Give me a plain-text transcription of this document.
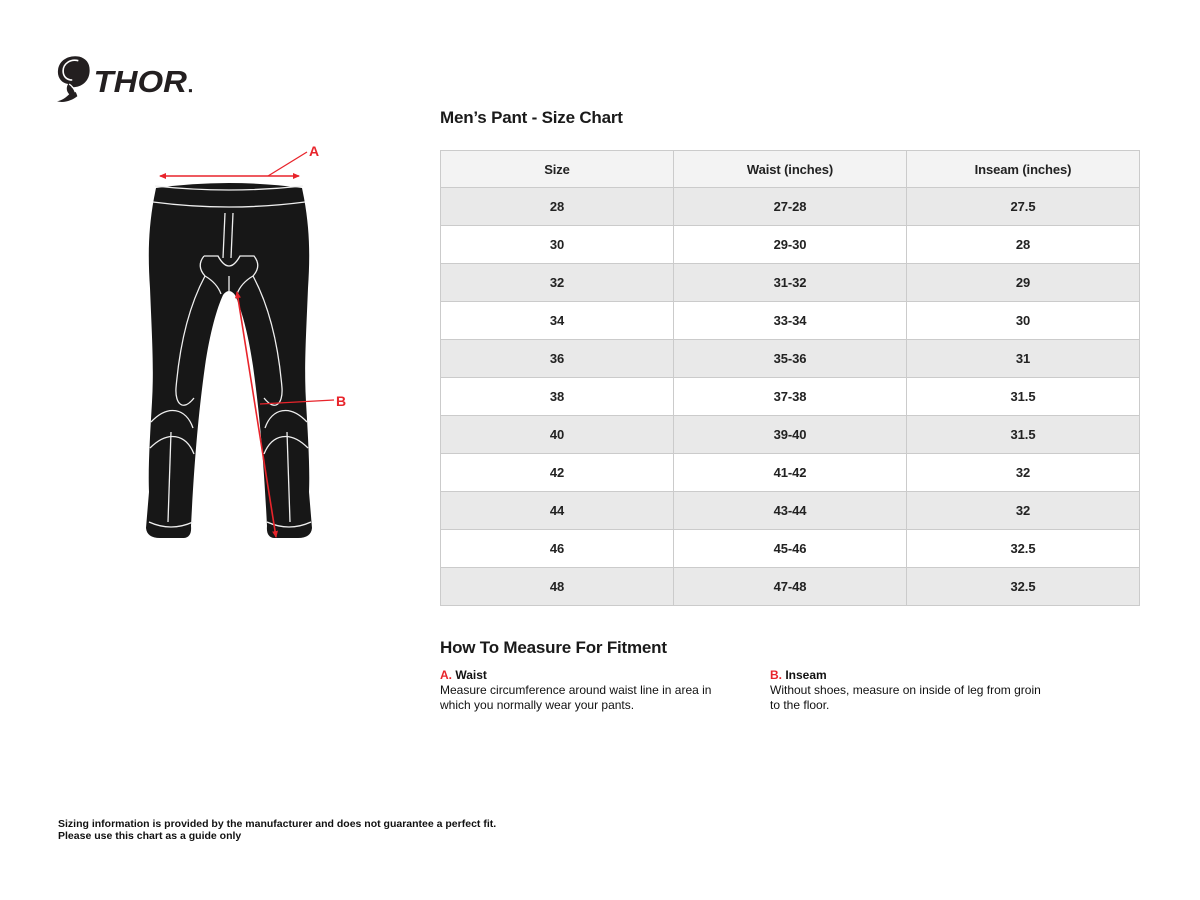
THOR
A
B
Men’s Pant - Size Chart
Size	Waist (inches)	Inseam (inches)
28	27-28	27.5
30	29-30	28
32	31-32	29
34	33-34	30
36	35-36	31
38	37-38	31.5
40	39-40	31.5
42	41-42	32
44	43-44	32
46	45-46	32.5
48	47-48	32.5
How To Measure For Fitment
A. Waist
Measure circumference around waist line in area in which you normally wear your pants.
B. Inseam
Without shoes, measure on inside of leg from groin to the floor.
Sizing information is provided by the manufacturer and does not guarantee a perfect fit.
Please use this chart as a guide only
